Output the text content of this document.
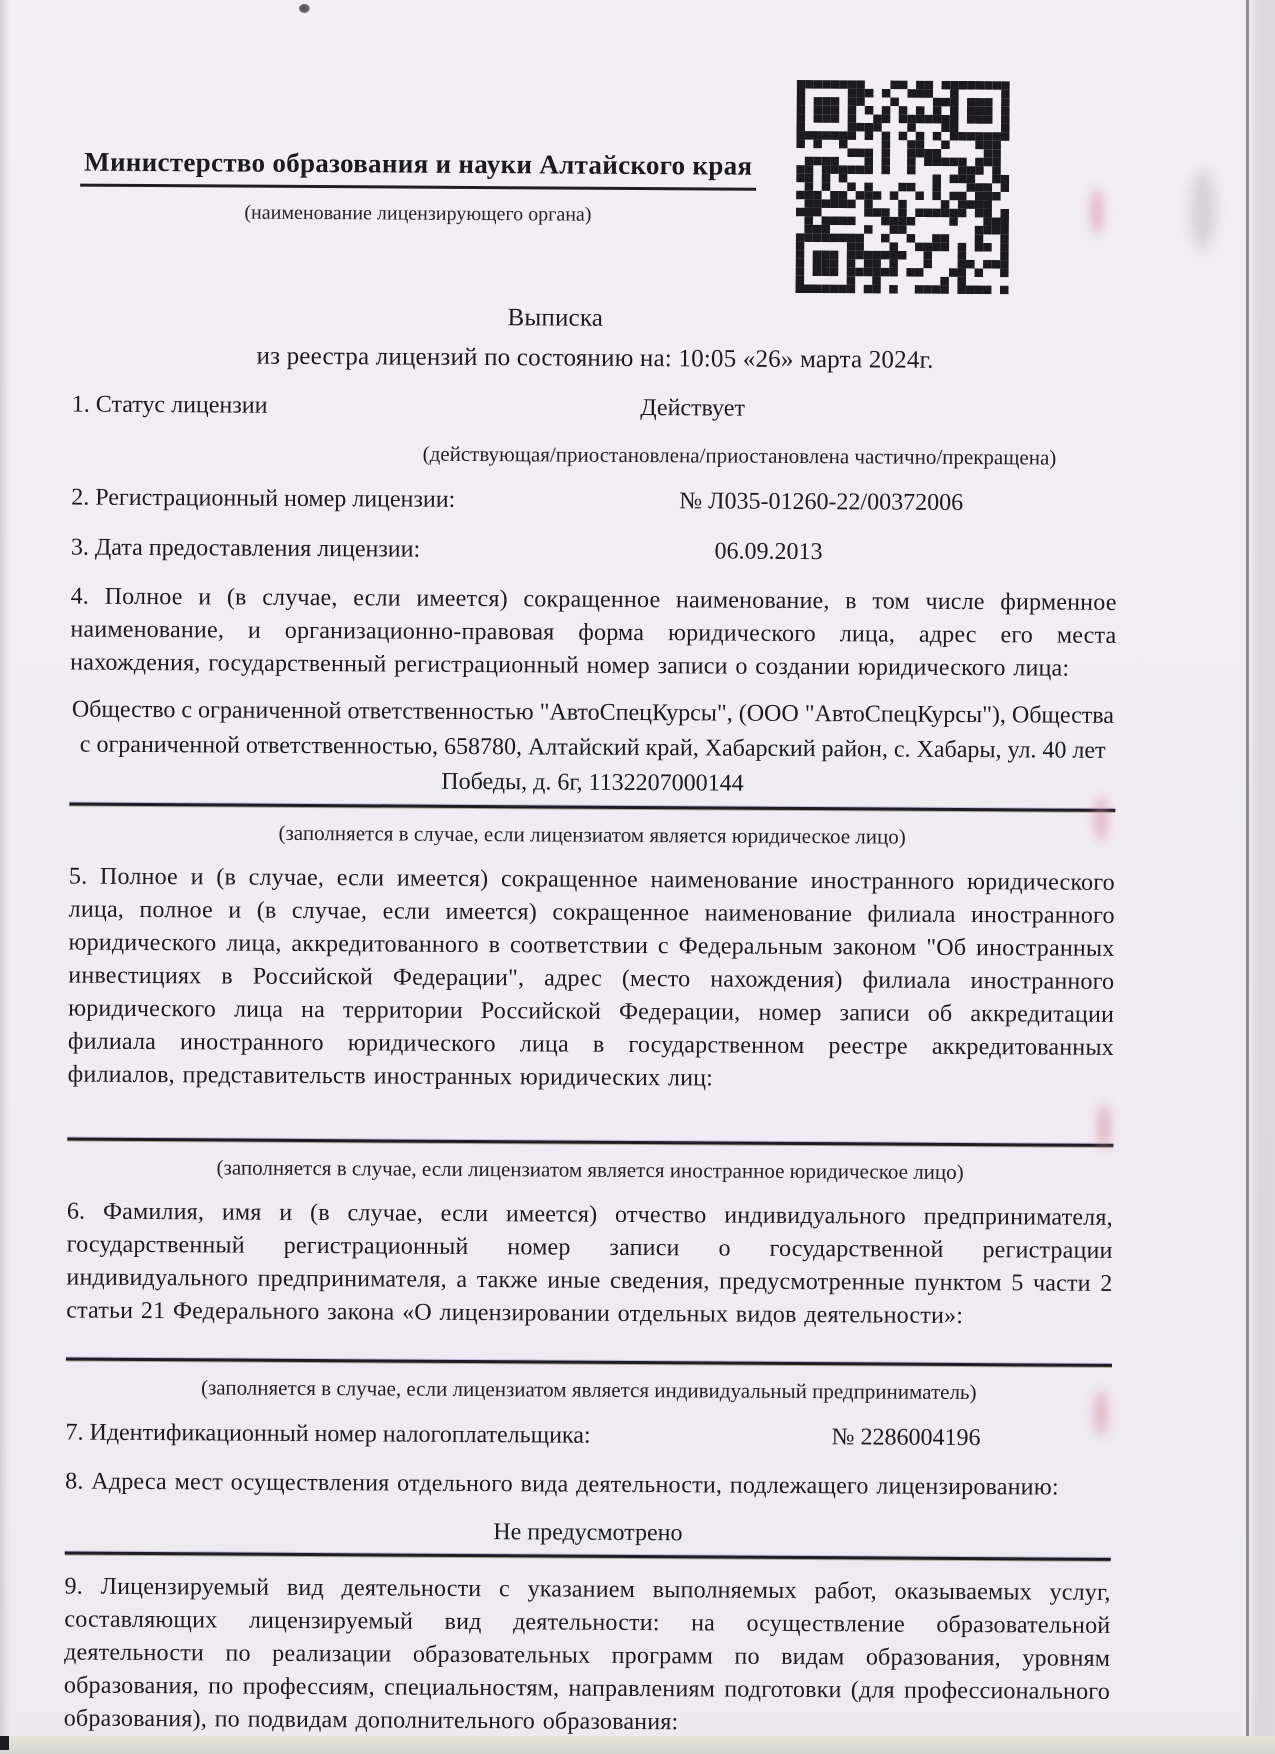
Министерство образования и науки Алтайского края
(наименование лицензирующего органа)
Выписка
из реестра лицензий по состоянию на: 10:05 «26» марта 2024г.
1. Статус лицензии	Действует
(действующая/приостановлена/приостановлена частично/прекращена)
2. Регистрационный номер лицензии:	№ Л035-01260-22/00372006
3. Дата предоставления лицензии:	06.09.2013
4. Полное и (в случае, если имеется) сокращенное наименование, в том числе фирменное наименование, и организационно-правовая форма юридического лица, адрес его места нахождения, государственный регистрационный номер записи о создании юридического лица:
Общество с ограниченной ответственностью "АвтоСпецКурсы", (ООО "АвтоСпецКурсы"), Общества с ограниченной ответственностью, 658780, Алтайский край, Хабарский район, с. Хабары, ул. 40 лет Победы, д. 6г, 1132207000144
(заполняется в случае, если лицензиатом является юридическое лицо)
5. Полное и (в случае, если имеется) сокращенное наименование иностранного юридического лица, полное и (в случае, если имеется) сокращенное наименование филиала иностранного юридического лица, аккредитованного в соответствии с Федеральным законом "Об иностранных инвестициях в Российской Федерации", адрес (место нахождения) филиала иностранного юридического лица на территории Российской Федерации, номер записи об аккредитации филиала иностранного юридического лица в государственном реестре аккредитованных филиалов, представительств иностранных юридических лиц:
(заполняется в случае, если лицензиатом является иностранное юридическое лицо)
6. Фамилия, имя и (в случае, если имеется) отчество индивидуального предпринимателя, государственный регистрационный номер записи о государственной регистрации индивидуального предпринимателя, а также иные сведения, предусмотренные пунктом 5 части 2 статьи 21 Федерального закона «О лицензировании отдельных видов деятельности»:
(заполняется в случае, если лицензиатом является индивидуальный предприниматель)
7. Идентификационный номер налогоплательщика:	№ 2286004196
8. Адреса мест осуществления отдельного вида деятельности, подлежащего лицензированию:
Не предусмотрено
9. Лицензируемый вид деятельности с указанием выполняемых работ, оказываемых услуг, составляющих лицензируемый вид деятельности: на осуществление образовательной деятельности по реализации образовательных программ по видам образования, уровням образования, по профессиям, специальностям, направлениям подготовки (для профессионального образования), по подвидам дополнительного образования:
